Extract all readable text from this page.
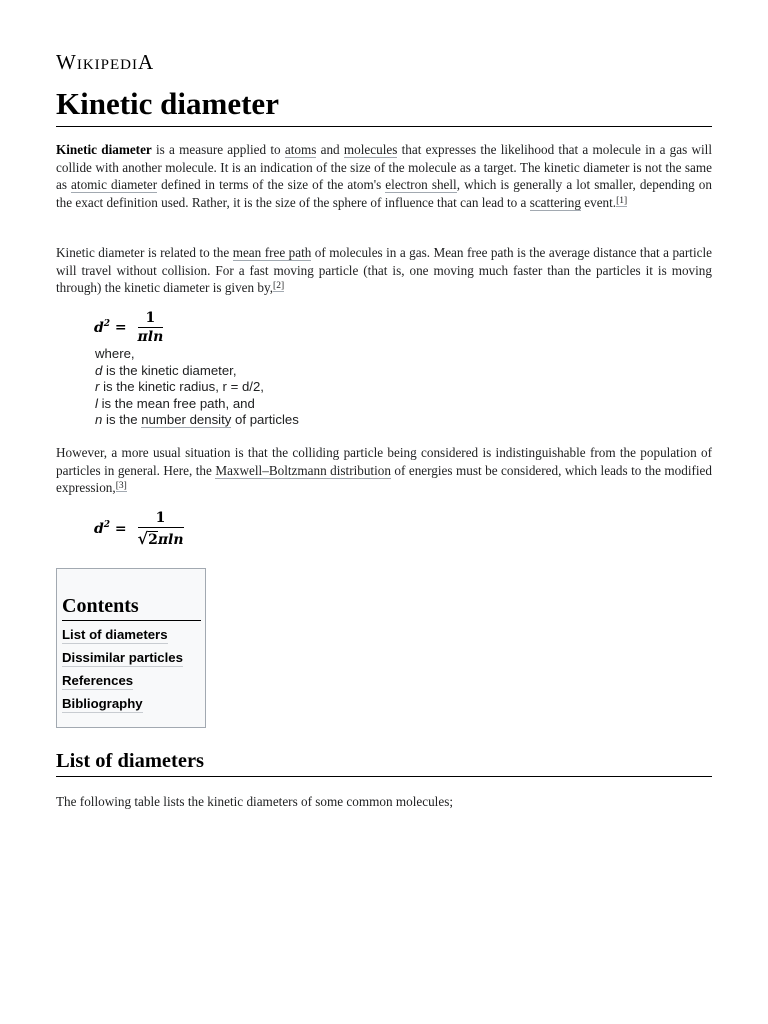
WikipediA
Kinetic diameter

Kinetic diameter is a measure applied to atoms and molecules that expresses the likelihood that a molecule in a gas will collide with another molecule. It is an indication of the size of the molecule as a target. The kinetic diameter is not the same as atomic diameter defined in terms of the size of the atom's electron shell, which is generally a lot smaller, depending on the exact definition used. Rather, it is the size of the sphere of influence that can lead to a scattering event.[1]

Kinetic diameter is related to the mean free path of molecules in a gas. Mean free path is the average distance that a particle will travel without collision. For a fast moving particle (that is, one moving much faster than the particles it is moving through) the kinetic diameter is given by,[2]

$d^2 = \frac{1}{\pi\ln}$
where,
d is the kinetic diameter,
r is the kinetic radius, r = d/2,
l is the mean free path, and
n is the number density of particles

However, a more usual situation is that the colliding particle being considered is indistinguishable from the population of particles in general. Here, the Maxwell–Boltzmann distribution of energies must be considered, which leads to the modified expression,[3]

$d^2 = \frac{1}{√2\pi\ln}$
Contents
List of diameters
Dissimilar particles
References
Bibliography
List of diameters

The following table lists the kinetic diameters of some common molecules;
